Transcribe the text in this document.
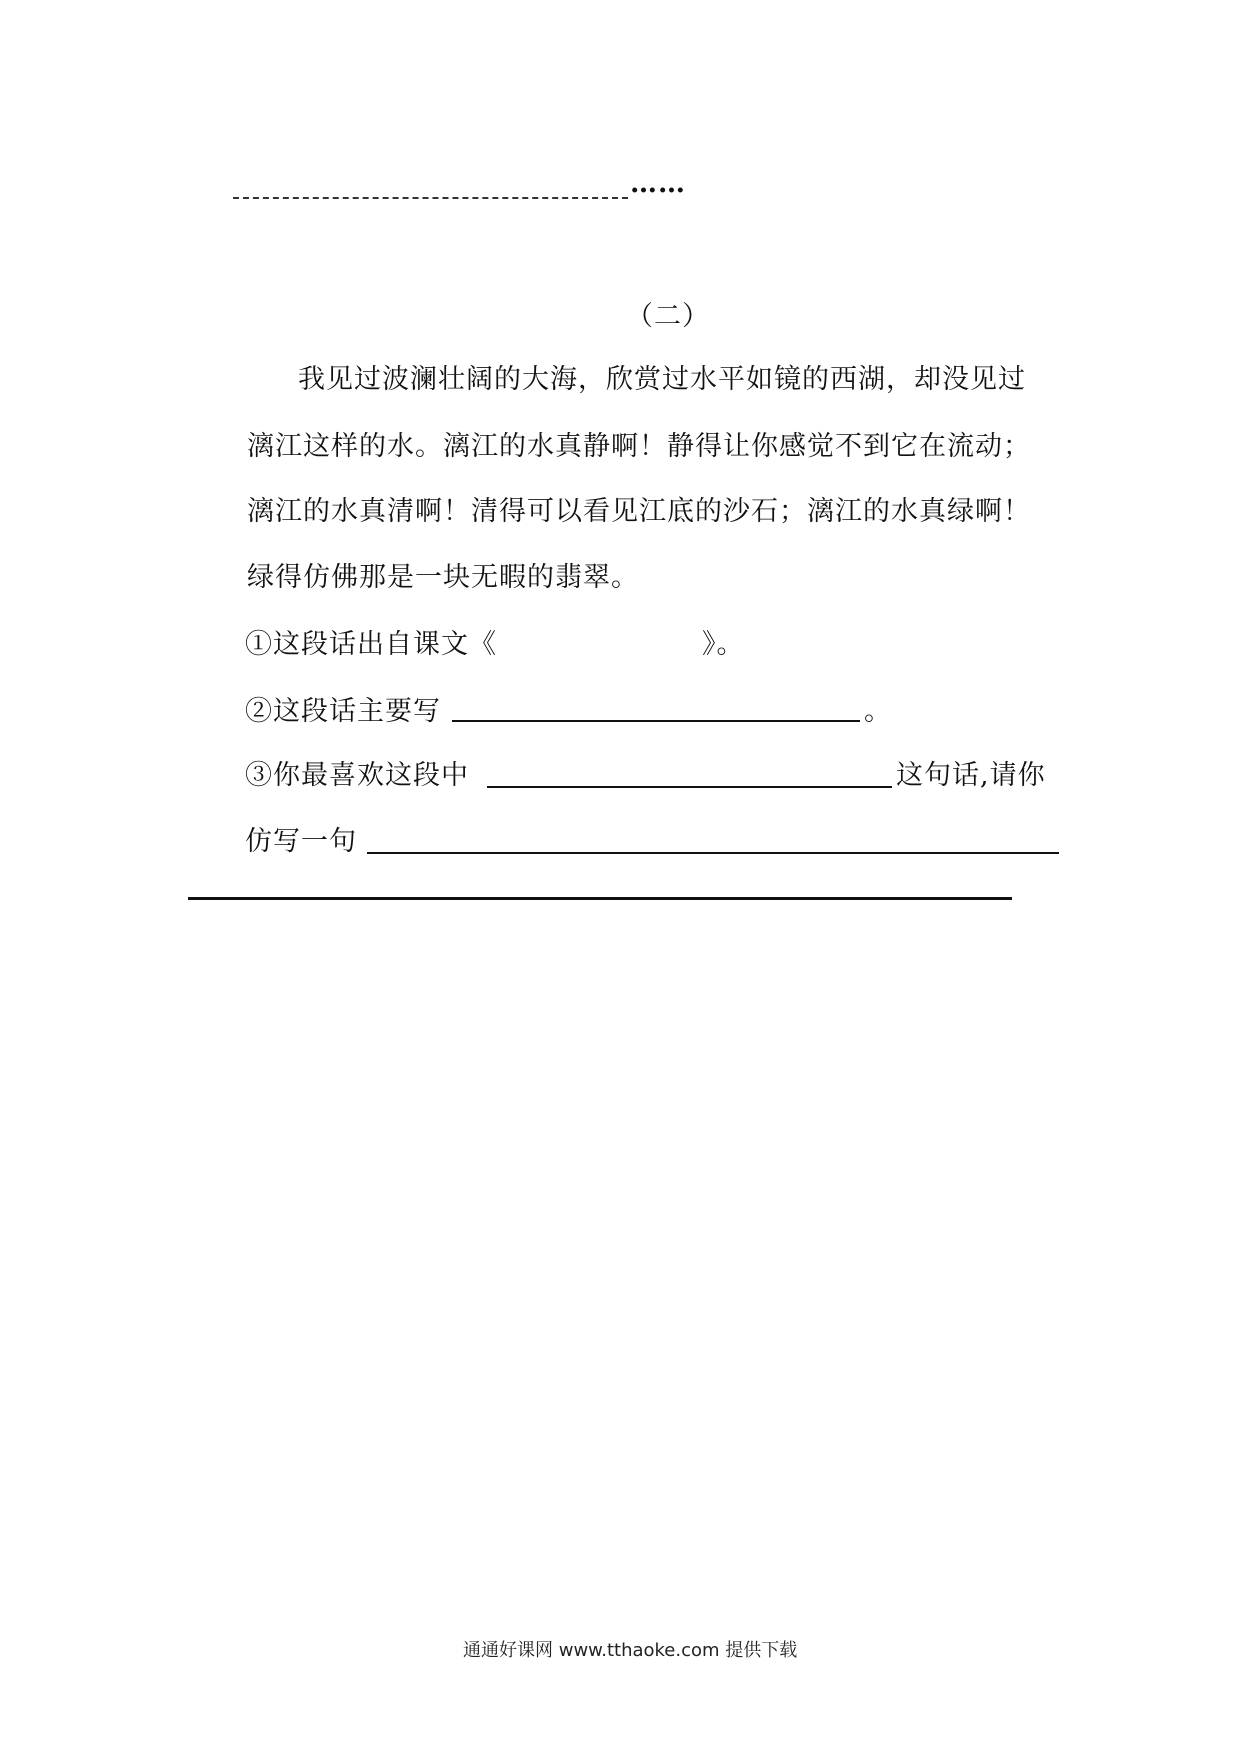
……
（二）
我见过波澜壮阔的大海，欣赏过水平如镜的西湖，却没见过
漓江这样的水。漓江的水真静啊！静得让你感觉不到它在流动；
漓江的水真清啊！清得可以看见江底的沙石；漓江的水真绿啊！
绿得仿佛那是一块无暇的翡翠。
①这段话出自课文《	》。
②这段话主要写	。
③你最喜欢这段中	这句话,请你
仿写一句
通通好课网 www.tthaoke.com 提供下载
